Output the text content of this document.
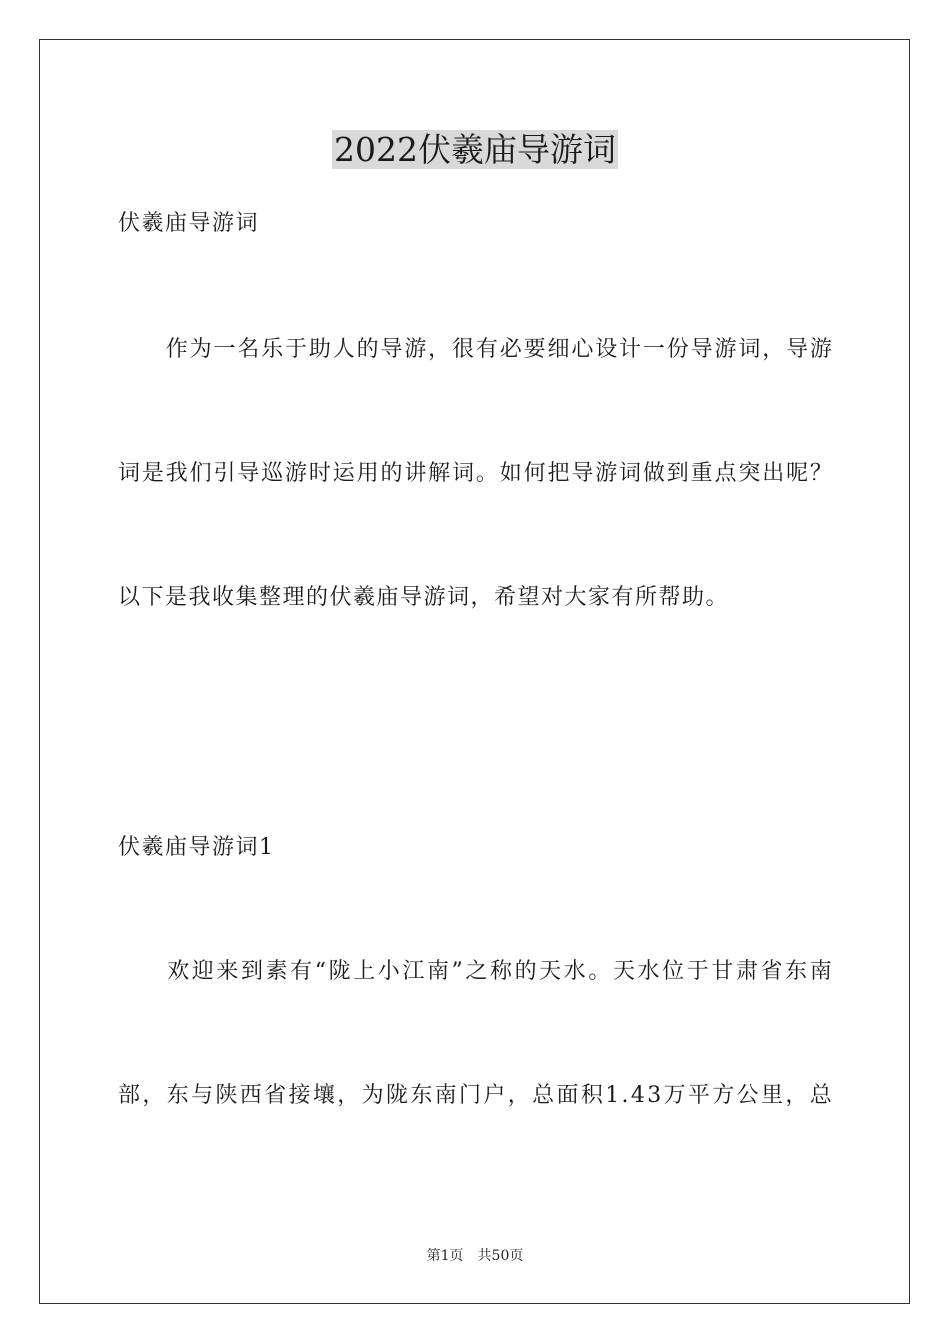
2022伏羲庙导游词
伏羲庙导游词

作 为 一 名 乐 于 助 人 的 导 游 ， 很 有 必 要 细 心 设 计 一 份 导 游 词 ， 导 游
词 是 我 们 引 导 巡 游 时 运 用 的 讲 解 词 。 如 何 把 导 游 词 做 到 重 点 突 出 呢 ？
以下是我收集整理的伏羲庙导游词，希望对大家有所帮助。
伏羲庙导游词1

欢 迎 来 到 素 有 “ 陇 上 小 江 南 ” 之 称 的 天 水 。 天 水 位 于 甘 肃 省 东 南
部 ， 东 与 陕 西 省 接 壤 ， 为 陇 东 南 门 户 ， 总 面 积 1 . 4 3 万 平 方 公 里 ， 总
第1页 共50页
